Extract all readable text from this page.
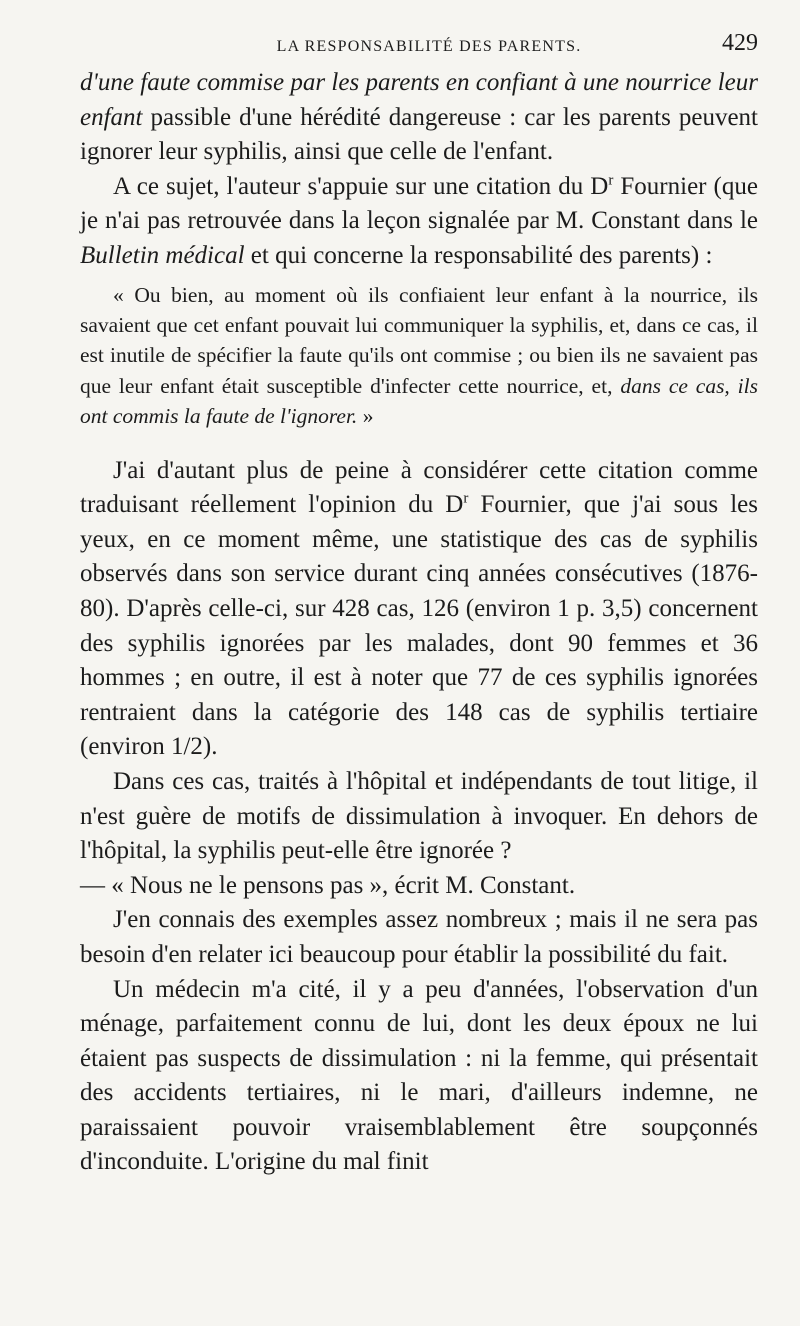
LA RESPONSABILITÉ DES PARENTS.	429

d'une faute commise par les parents en confiant à une nourrice leur enfant passible d'une hérédité dangereuse : car les parents peuvent ignorer leur syphilis, ainsi que celle de l'enfant.

A ce sujet, l'auteur s'appuie sur une citation du $D^r$ Fournier (que je n'ai pas retrouvée dans la leçon signalée par M. Constant dans le Bulletin médical et qui concerne la responsabilité des parents) :

« Ou bien, au moment où ils confiaient leur enfant à la nourrice, ils savaient que cet enfant pouvait lui communiquer la syphilis, et, dans ce cas, il est inutile de spécifier la faute qu'ils ont commise ; ou bien ils ne savaient pas que leur enfant était susceptible d'infecter cette nourrice, et, dans ce cas, ils ont commis la faute de l'ignorer. »

J'ai d'autant plus de peine à considérer cette citation comme traduisant réellement l'opinion du $D^r$ Fournier, que j'ai sous les yeux, en ce moment même, une statistique des cas de syphilis observés dans son service durant cinq années consécutives (1876-80). D'après celle-ci, sur 428 cas, 126 (environ 1 p. 3,5) concernent des syphilis ignorées par les malades, dont 90 femmes et 36 hommes ; en outre, il est à noter que 77 de ces syphilis ignorées rentraient dans la catégorie des 148 cas de syphilis tertiaire (environ 1/2).

Dans ces cas, traités à l'hôpital et indépendants de tout litige, il n'est guère de motifs de dissimulation à invoquer. En dehors de l'hôpital, la syphilis peut-elle être ignorée ?

— « Nous ne le pensons pas », écrit M. Constant.

J'en connais des exemples assez nombreux ; mais il ne sera pas besoin d'en relater ici beaucoup pour établir la possibilité du fait.

Un médecin m'a cité, il y a peu d'années, l'observation d'un ménage, parfaitement connu de lui, dont les deux époux ne lui étaient pas suspects de dissimulation : ni la femme, qui présentait des accidents tertiaires, ni le mari, d'ailleurs indemne, ne paraissaient pouvoir vraisemblablement être soupçonnés d'inconduite. L'origine du mal finit
